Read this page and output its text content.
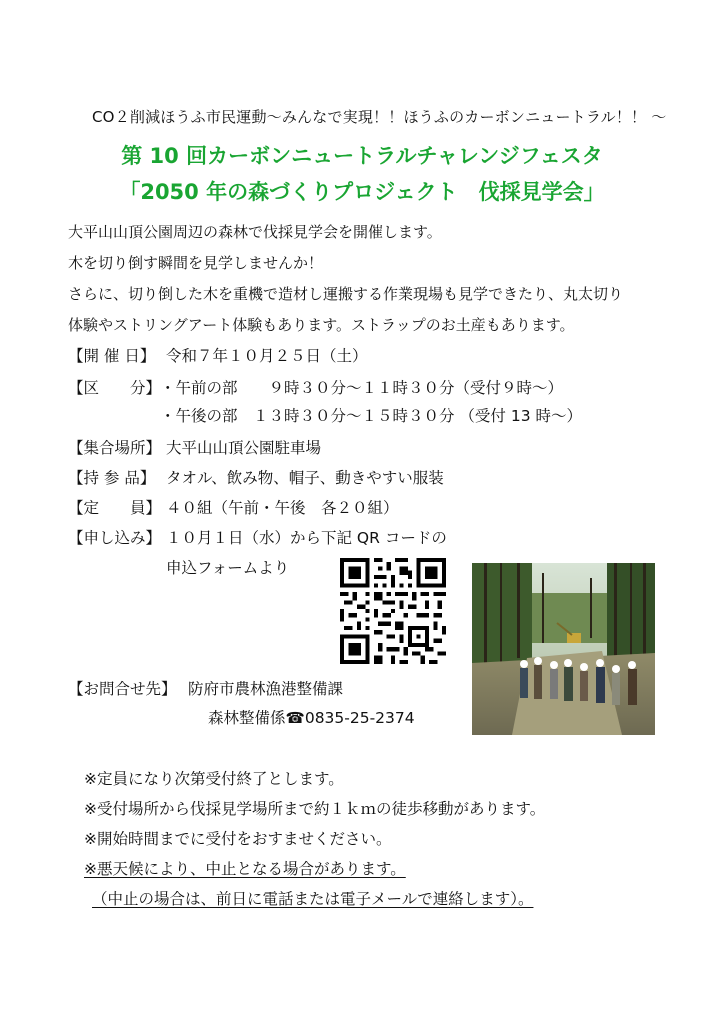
CO２削減ほうふ市民運動～みんなで実現！！ほうふのカーボンニュートラル！！ ～
第 10 回カーボンニュートラルチャレンジフェスタ
「2050 年の森づくりプロジェクト　伐採見学会」
大平山山頂公園周辺の森林で伐採見学会を開催します。
木を切り倒す瞬間を見学しませんか！
さらに、切り倒した木を重機で造材し運搬する作業現場も見学できたり、丸太切り
体験やストリングアート体験もあります。ストラップのお土産もあります。
【開 催 日】 令和７年１０月２５日（土）
【区　　分】
・午前の部　　９時３０分～１１時３０分（受付９時～）
・午後の部　１３時３０分～１５時３０分 （受付 13 時～）
【集合場所】 大平山山頂公園駐車場
【持 参 品】 タオル、飲み物、帽子、動きやすい服装
【定　　員】 ４０組（午前・午後　各２０組）
【申し込み】 １０月１日（水）から下記 QR コードの
申込フォームより
【お問合せ先】 防府市農林漁港整備課
森林整備係☎0835-25-2374
※定員になり次第受付終了とします。
※受付場所から伐採見学場所まで約１ｋｍの徒歩移動があります。
※開始時間までに受付をおすませください。
※悪天候により、中止となる場合があります。
（中止の場合は、前日に電話または電子メールで連絡します）。
